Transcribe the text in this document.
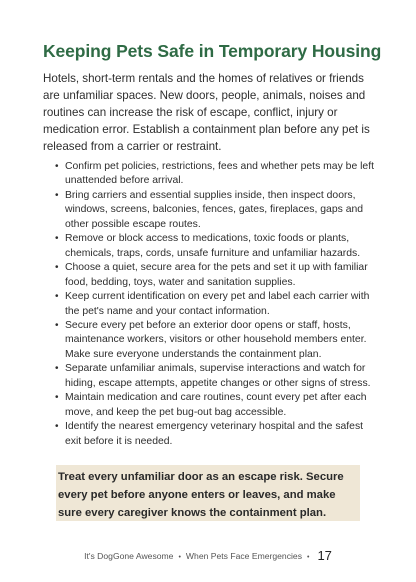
Keeping Pets Safe in Temporary Housing

Hotels, short-term rentals and the homes of relatives or friends are unfamiliar spaces. New doors, people, animals, noises and routines can increase the risk of escape, conflict, injury or medication error. Establish a containment plan before any pet is released from a carrier or restraint.

• Confirm pet policies, restrictions, fees and whether pets may be left unattended before arrival.
• Bring carriers and essential supplies inside, then inspect doors, windows, screens, balconies, fences, gates, fireplaces, gaps and other possible escape routes.
• Remove or block access to medications, toxic foods or plants, chemicals, traps, cords, unsafe furniture and unfamiliar hazards.
• Choose a quiet, secure area for the pets and set it up with familiar food, bedding, toys, water and sanitation supplies.
• Keep current identification on every pet and label each carrier with the pet's name and your contact information.
• Secure every pet before an exterior door opens or staff, hosts, maintenance workers, visitors or other household members enter. Make sure everyone understands the containment plan.
• Separate unfamiliar animals, supervise interactions and watch for hiding, escape attempts, appetite changes or other signs of stress.
• Maintain medication and care routines, count every pet after each move, and keep the pet bug-out bag accessible.
• Identify the nearest emergency veterinary hospital and the safest exit before it is needed.

Treat every unfamiliar door as an escape risk. Secure every pet before anyone enters or leaves, and make sure every caregiver knows the containment plan.

It's DogGone Awesome • When Pets Face Emergencies • 17
